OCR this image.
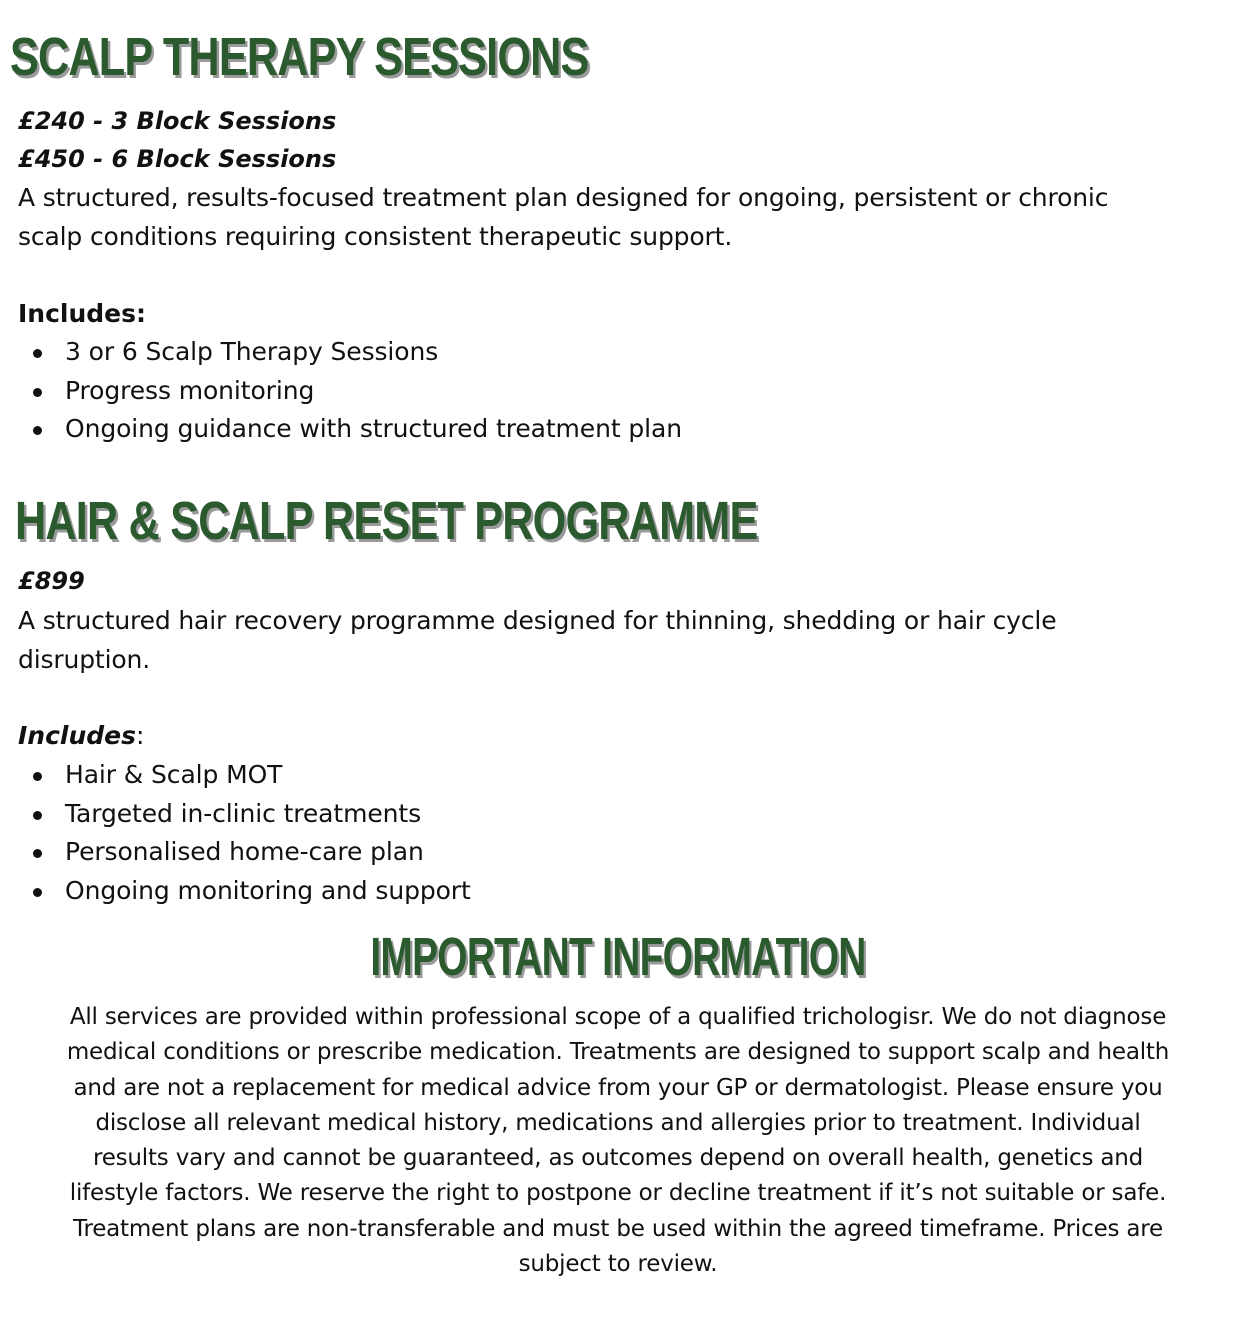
SCALP THERAPY SESSIONS
£240 - 3 Block Sessions
£450 - 6 Block Sessions
A structured, results-focused treatment plan designed for ongoing, persistent or chronic
scalp conditions requiring consistent therapeutic support.
Includes:
3 or 6 Scalp Therapy Sessions
Progress monitoring
Ongoing guidance with structured treatment plan
HAIR & SCALP RESET PROGRAMME
£899
A structured hair recovery programme designed for thinning, shedding or hair cycle
disruption.
Includes:
Hair & Scalp MOT
Targeted in-clinic treatments
Personalised home-care plan
Ongoing monitoring and support
IMPORTANT INFORMATION
All services are provided within professional scope of a qualified trichologisr. We do not diagnose
medical conditions or prescribe medication. Treatments are designed to support scalp and health
and are not a replacement for medical advice from your GP or dermatologist. Please ensure you
disclose all relevant medical history, medications and allergies prior to treatment. Individual
results vary and cannot be guaranteed, as outcomes depend on overall health, genetics and
lifestyle factors. We reserve the right to postpone or decline treatment if it’s not suitable or safe.
Treatment plans are non-transferable and must be used within the agreed timeframe. Prices are
subject to review.
